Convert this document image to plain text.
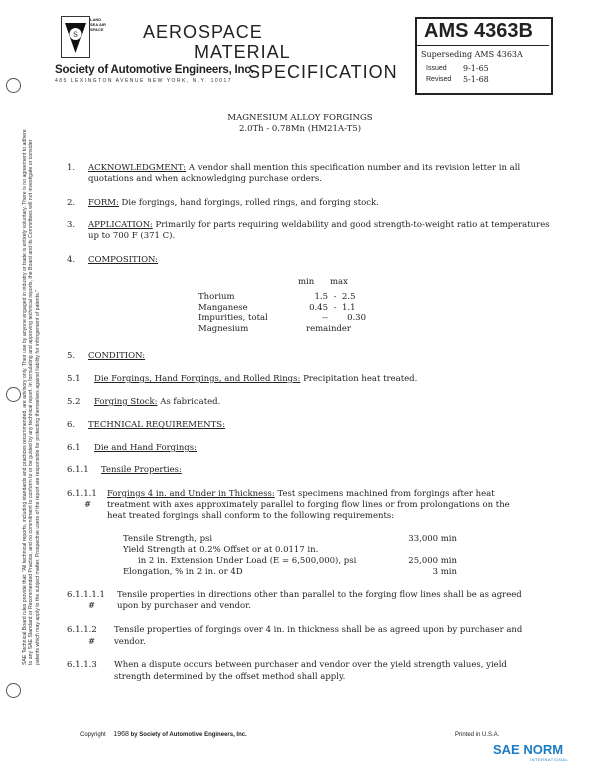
S
LAND SEA AIR SPACE AEROSPACE
MATERIAL
SPECIFICATION
Society of Automotive Engineers, Inc.
485 LEXINGTON AVENUE NEW YORK, N.Y. 10017
AMS 4363B
Superseding AMS 4363A
Issued 9-1-65
Revised 5-1-68

SAE Technical Board rules provide that: "All technical reports, including standards and practices recommended, are advisory only. Their use by anyone engaged in industry or trade is entirely voluntary. There is no agreement to adhere to any SAE Standard or Recommended Practice, and no commitment to conform to or be guided by any technical report. In formulating and approving technical reports, the Board and its Committees will not investigate or consider patents which may apply to the subject matter. Prospective users of the report are responsible for protecting themselves against liability for infringement of patents."

MAGNESIUM ALLOY FORGINGS
2.0Th - 0.78Mn (HM21A-T5)
1. ACKNOWLEDGMENT: A vendor shall mention this specification number and its revision letter in all quotations and when acknowledging purchase orders.
2. FORM: Die forgings, hand forgings, rolled rings, and forging stock.
3. APPLICATION: Primarily for parts requiring weldability and good strength-to-weight ratio at temperatures up to 700 F (371 C).
4. COMPOSITION:
min max
Thorium	1.5	-	2.5
Manganese	0.45	-	1.1
Impurities, total	--		0.30
Magnesium	remainder		
5. CONDITION:
5.1 Die Forgings, Hand Forgings, and Rolled Rings: Precipitation heat treated.
5.2 Forging Stock: As fabricated.
6. TECHNICAL REQUIREMENTS:
6.1 Die and Hand Forgings:
6.1.1 Tensile Properties:
6.1.1.1
#
Forgings 4 in. and Under in Thickness: Test specimens machined from forgings after heat
treatment with axes approximately parallel to forging flow lines or from prolongations on the
heat treated forgings shall conform to the following requirements:
Tensile Strength, psi	33,000 min
Yield Strength at 0.2% Offset or at 0.0117 in.
in 2 in. Extension Under Load (E = 6,500,000), psi	25,000 min
Elongation, % in 2 in. or 4D	3 min
6.1.1.1.1
#
Tensile properties in directions other than parallel to the forging flow lines shall be as agreed
upon by purchaser and vendor.
6.1.1.2
#
Tensile properties of forgings over 4 in. in thickness shall be as agreed upon by purchaser and
vendor.
6.1.1.3 When a dispute occurs between purchaser and vendor over the yield strength values, yield
strength determined by the offset method shall apply.
Copyright 1968 by Society of Automotive Engineers, Inc.	Printed in U.S.A.
SAE NORM
INTERNATIONAL
